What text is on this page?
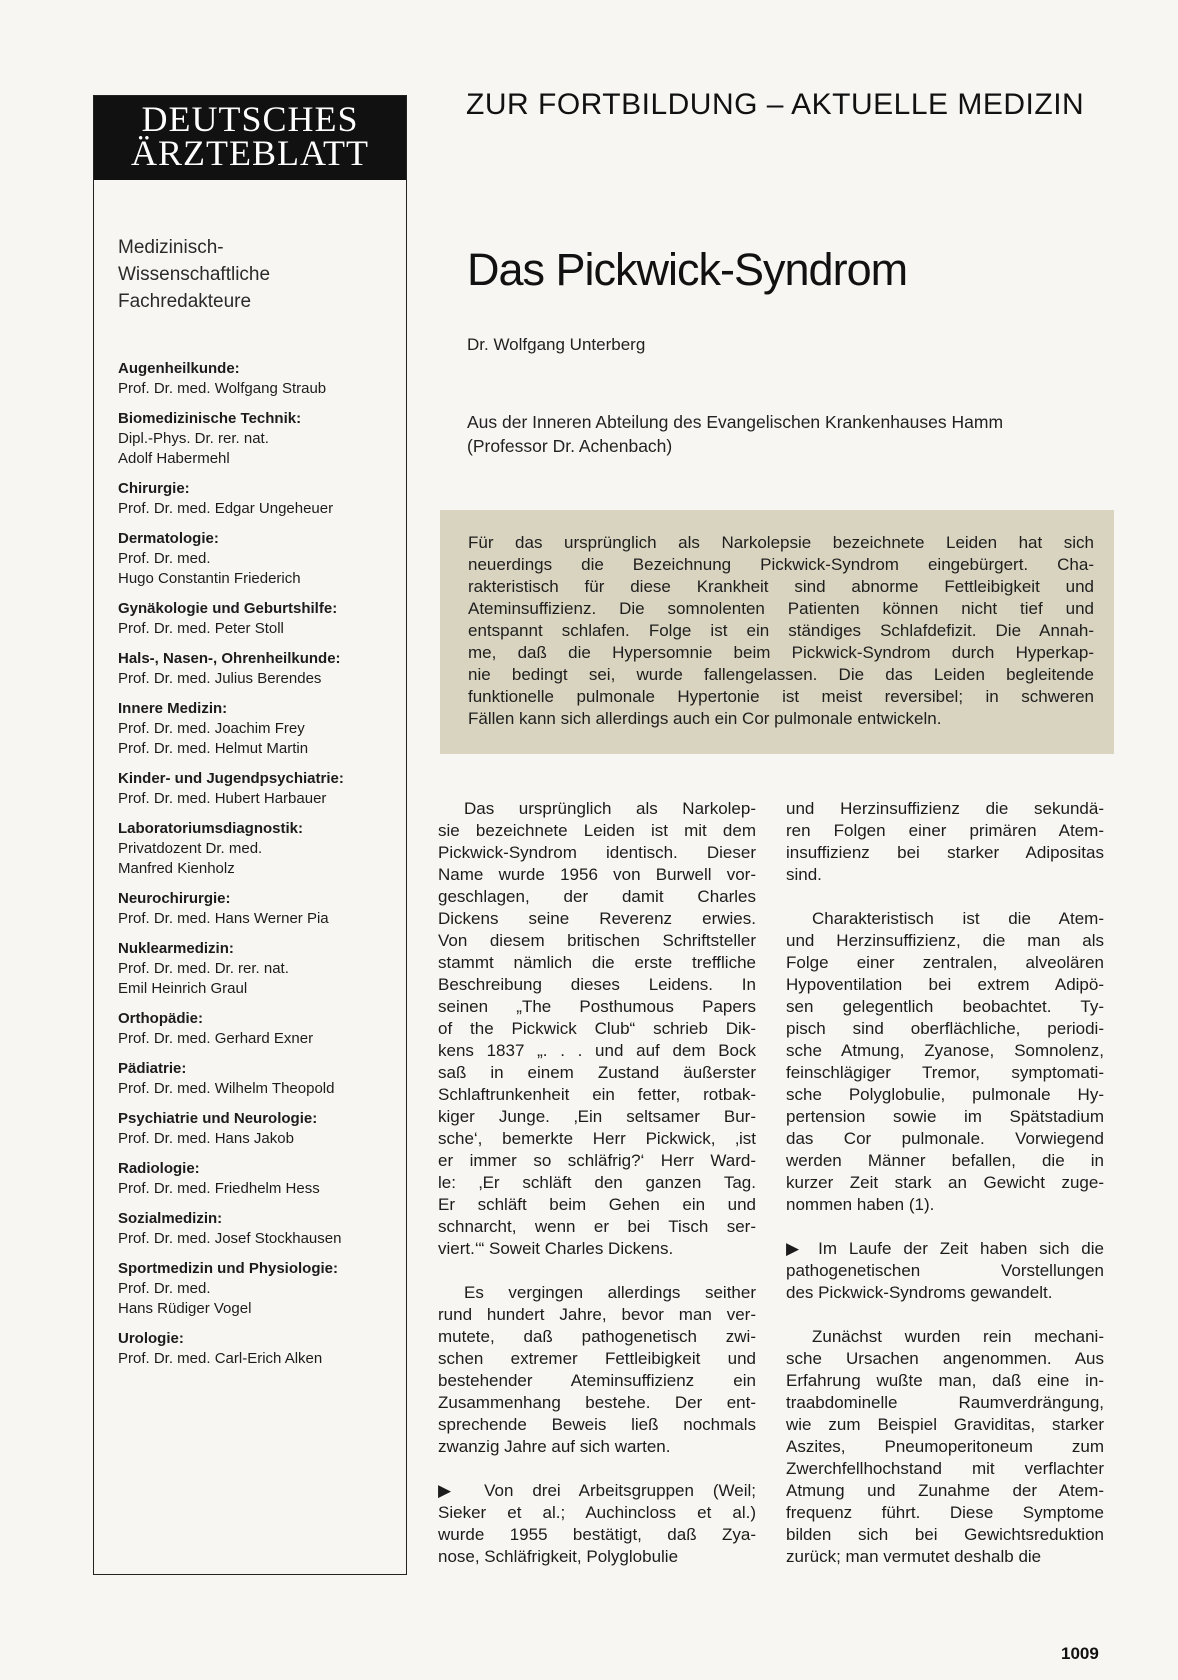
DEUTSCHES
ÄRZTEBLATT
Medizinisch-
Wissenschaftliche
Fachredakteure
Augenheilkunde:
Prof. Dr. med. Wolfgang Straub
Biomedizinische Technik:
Dipl.-Phys. Dr. rer. nat.
Adolf Habermehl
Chirurgie:
Prof. Dr. med. Edgar Ungeheuer
Dermatologie:
Prof. Dr. med.
Hugo Constantin Friederich
Gynäkologie und Geburtshilfe:
Prof. Dr. med. Peter Stoll
Hals-, Nasen-, Ohrenheilkunde:
Prof. Dr. med. Julius Berendes
Innere Medizin:
Prof. Dr. med. Joachim Frey
Prof. Dr. med. Helmut Martin
Kinder- und Jugendpsychiatrie:
Prof. Dr. med. Hubert Harbauer
Laboratoriumsdiagnostik:
Privatdozent Dr. med.
Manfred Kienholz
Neurochirurgie:
Prof. Dr. med. Hans Werner Pia
Nuklearmedizin:
Prof. Dr. med. Dr. rer. nat.
Emil Heinrich Graul
Orthopädie:
Prof. Dr. med. Gerhard Exner
Pädiatrie:
Prof. Dr. med. Wilhelm Theopold
Psychiatrie und Neurologie:
Prof. Dr. med. Hans Jakob
Radiologie:
Prof. Dr. med. Friedhelm Hess
Sozialmedizin:
Prof. Dr. med. Josef Stockhausen
Sportmedizin und Physiologie:
Prof. Dr. med.
Hans Rüdiger Vogel
Urologie:
Prof. Dr. med. Carl-Erich Alken
ZUR FORTBILDUNG – AKTUELLE MEDIZIN
Das Pickwick-Syndrom
Dr. Wolfgang Unterberg
Aus der Inneren Abteilung des Evangelischen Krankenhauses Hamm
(Professor Dr. Achenbach)

Für das ursprünglich als Narkolepsie bezeichnete Leiden hat sich

neuerdings die Bezeichnung Pickwick-Syndrom eingebürgert. Cha-

rakteristisch für diese Krankheit sind abnorme Fettleibigkeit und

Ateminsuffizienz. Die somnolenten Patienten können nicht tief und

entspannt schlafen. Folge ist ein ständiges Schlafdefizit. Die Annah-

me, daß die Hypersomnie beim Pickwick-Syndrom durch Hyperkap-

nie bedingt sei, wurde fallengelassen. Die das Leiden begleitende

funktionelle pulmonale Hypertonie ist meist reversibel; in schweren

Fällen kann sich allerdings auch ein Cor pulmonale entwickeln.

Das ursprünglich als Narkolep-
sie bezeichnete Leiden ist mit dem
Pickwick-Syndrom identisch. Dieser
Name wurde 1956 von Burwell vor-
geschlagen, der damit Charles
Dickens seine Reverenz erwies.
Von diesem britischen Schriftsteller
stammt nämlich die erste treffliche
Beschreibung dieses Leidens. In
seinen „The Posthumous Papers
of the Pickwick Club“ schrieb Dik-
kens 1837 „. . . und auf dem Bock
saß in einem Zustand äußerster
Schlaftrunkenheit ein fetter, rotbak-
kiger Junge. ‚Ein seltsamer Bur-
sche‘, bemerkte Herr Pickwick, ‚ist
er immer so schläfrig?‘ Herr Ward-
le: ‚Er schläft den ganzen Tag.
Er schläft beim Gehen ein und
schnarcht, wenn er bei Tisch ser-
viert.‘“ Soweit Charles Dickens.
Es vergingen allerdings seither
rund hundert Jahre, bevor man ver-
mutete, daß pathogenetisch zwi-
schen extremer Fettleibigkeit und
bestehender Ateminsuffizienz ein
Zusammenhang bestehe. Der ent-
sprechende Beweis ließ nochmals
zwanzig Jahre auf sich warten.
▶ Von drei Arbeitsgruppen (Weil;
Sieker et al.; Auchincloss et al.)
wurde 1955 bestätigt, daß Zya-
nose, Schläfrigkeit, Polyglobulie
und Herzinsuffizienz die sekundä-
ren Folgen einer primären Atem-
insuffizienz bei starker Adipositas
sind.
Charakteristisch ist die Atem-
und Herzinsuffizienz, die man als
Folge einer zentralen, alveolären
Hypoventilation bei extrem Adipö-
sen gelegentlich beobachtet. Ty-
pisch sind oberflächliche, periodi-
sche Atmung, Zyanose, Somnolenz,
feinschlägiger Tremor, symptomati-
sche Polyglobulie, pulmonale Hy-
pertension sowie im Spätstadium
das Cor pulmonale. Vorwiegend
werden Männer befallen, die in
kurzer Zeit stark an Gewicht zuge-
nommen haben (1).
▶ Im Laufe der Zeit haben sich die
pathogenetischen Vorstellungen
des Pickwick-Syndroms gewandelt.
Zunächst wurden rein mechani-
sche Ursachen angenommen. Aus
Erfahrung wußte man, daß eine in-
traabdominelle Raumverdrängung,
wie zum Beispiel Graviditas, starker
Aszites, Pneumoperitoneum zum
Zwerchfellhochstand mit verflachter
Atmung und Zunahme der Atem-
frequenz führt. Diese Symptome
bilden sich bei Gewichtsreduktion
zurück; man vermutet deshalb die
1009
